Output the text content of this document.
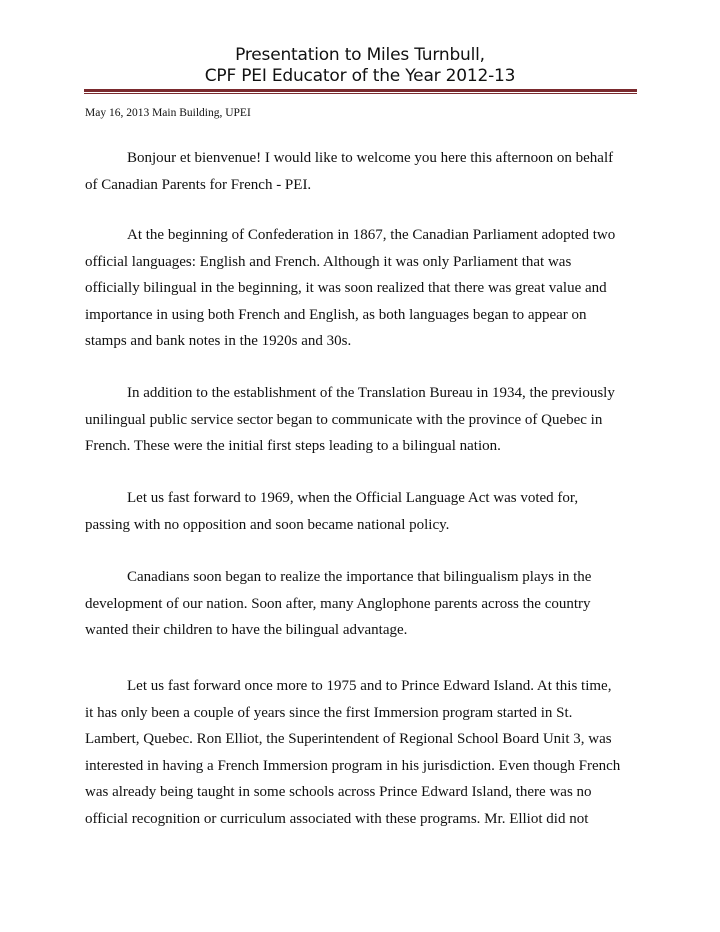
Presentation to Miles Turnbull,
CPF PEI Educator of the Year 2012-13
May 16, 2013 Main Building, UPEI
Bonjour et bienvenue! I would like to welcome you here this afternoon on behalf
of Canadian Parents for French - PEI.
At the beginning of Confederation in 1867, the Canadian Parliament adopted two
official languages: English and French. Although it was only Parliament that was
officially bilingual in the beginning, it was soon realized that there was great value and
importance in using both French and English, as both languages began to appear on
stamps and bank notes in the 1920s and 30s.
In addition to the establishment of the Translation Bureau in 1934, the previously
unilingual public service sector began to communicate with the province of Quebec in
French. These were the initial first steps leading to a bilingual nation.
Let us fast forward to 1969, when the Official Language Act was voted for,
passing with no opposition and soon became national policy.
Canadians soon began to realize the importance that bilingualism plays in the
development of our nation. Soon after, many Anglophone parents across the country
wanted their children to have the bilingual advantage.
Let us fast forward once more to 1975 and to Prince Edward Island. At this time,
it has only been a couple of years since the first Immersion program started in St.
Lambert, Quebec. Ron Elliot, the Superintendent of Regional School Board Unit 3, was
interested in having a French Immersion program in his jurisdiction. Even though French
was already being taught in some schools across Prince Edward Island, there was no
official recognition or curriculum associated with these programs. Mr. Elliot did not
